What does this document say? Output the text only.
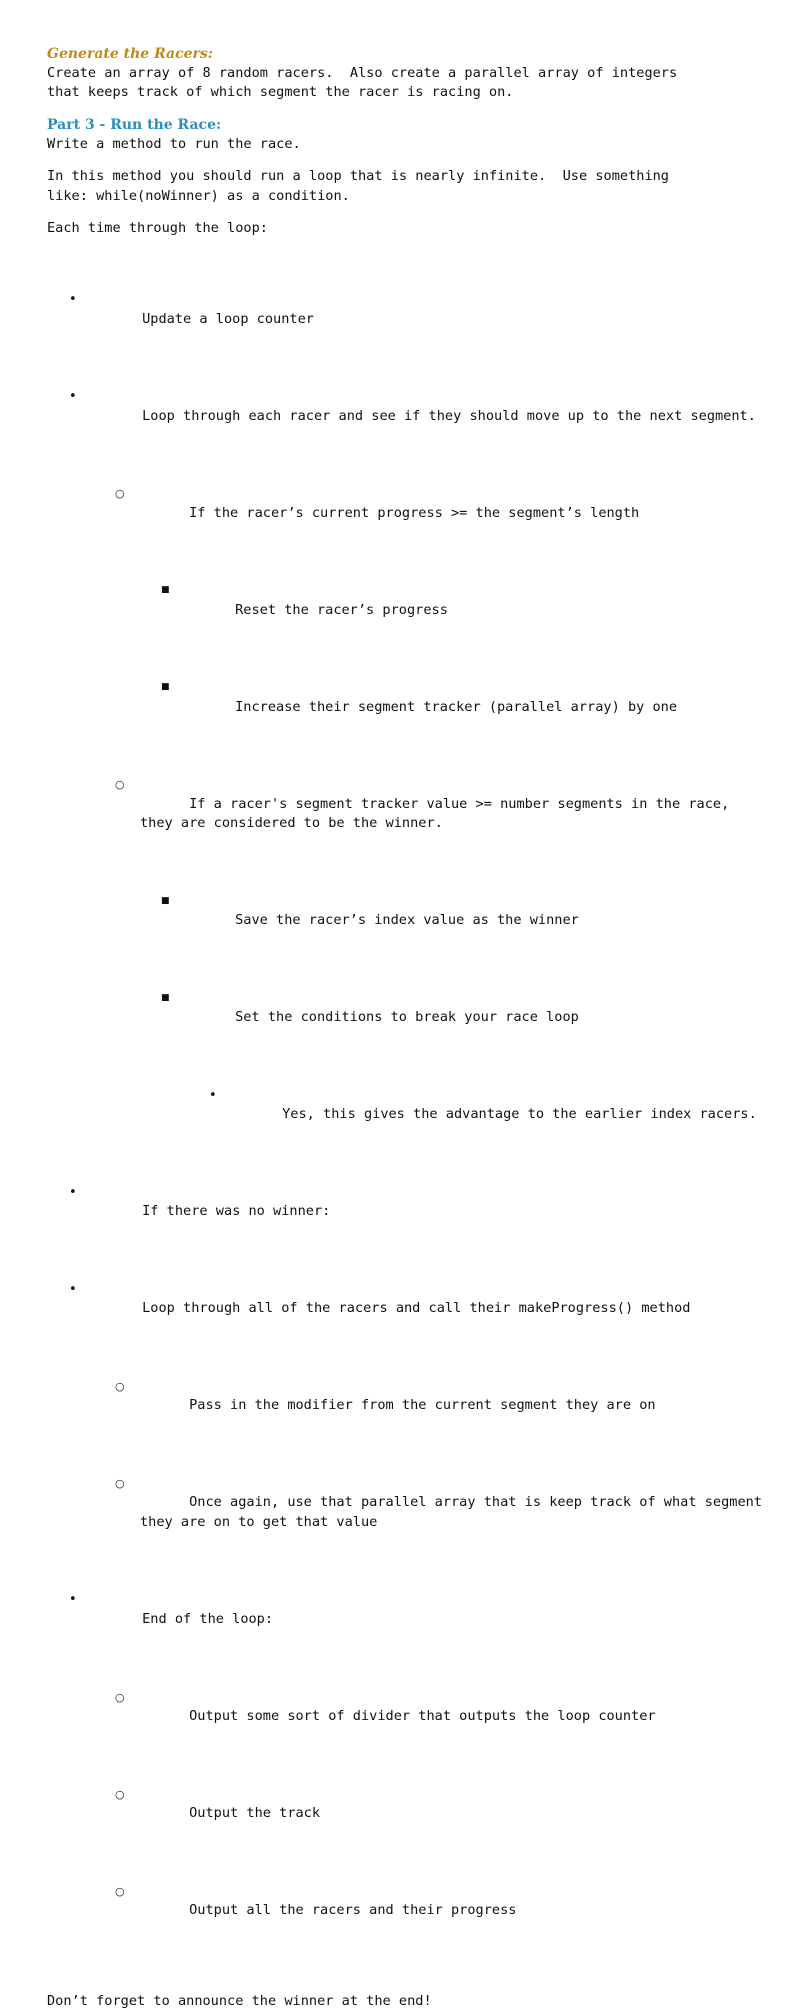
Generate the Racers:

Create an array of 8 random racers.  Also create a parallel array of integers
that keeps track of which segment the racer is racing on.

Part 3 - Run the Race:

Write a method to run the race.

In this method you should run a loop that is nearly infinite.  Use something
like: while(noWinner) as a condition.

Each time through the loop:

•
Update a loop counter

•
Loop through each racer and see if they should move up to the next segment.

○
If the racer’s current progress >= the segment’s length

■
Reset the racer’s progress

■
Increase their segment tracker (parallel array) by one

○
If a racer's segment tracker value >= number segments in the race,
they are considered to be the winner.

■
Save the racer’s index value as the winner

■
Set the conditions to break your race loop

•
Yes, this gives the advantage to the earlier index racers.

•
If there was no winner:

•
Loop through all of the racers and call their makeProgress() method

○
Pass in the modifier from the current segment they are on

○
Once again, use that parallel array that is keep track of what segment
they are on to get that value

•
End of the loop:

○
Output some sort of divider that outputs the loop counter

○
Output the track

○
Output all the racers and their progress

Don’t forget to announce the winner at the end!
